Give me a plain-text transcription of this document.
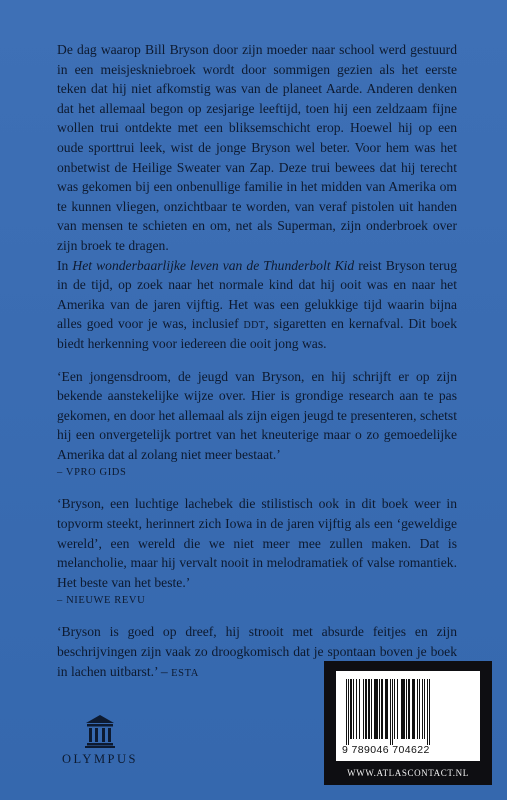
De dag waarop Bill Bryson door zijn moeder naar school werd gestuurd in een meisjeskniebroek wordt door sommigen gezien als het eerste teken dat hij niet afkomstig was van de planeet Aarde. Anderen denken dat het allemaal begon op zesjarige leeftijd, toen hij een zeldzaam fijne wollen trui ontdekte met een bliksemschicht erop. Hoewel hij op een oude sporttrui leek, wist de jonge Bryson wel beter. Voor hem was het onbetwist de Heilige Sweater van Zap. Deze trui bewees dat hij terecht was gekomen bij een onbenullige familie in het midden van Amerika om te kunnen vliegen, onzichtbaar te worden, van veraf pistolen uit handen van mensen te schieten en om, net als Superman, zijn onderbroek over zijn broek te dragen.

In Het wonderbaarlijke leven van de Thunderbolt Kid reist Bryson terug in de tijd, op zoek naar het normale kind dat hij ooit was en naar het Amerika van de jaren vijftig. Het was een gelukkige tijd waarin bijna alles goed voor je was, inclusief ddt, sigaretten en kernafval. Dit boek biedt herkenning voor iedereen die ooit jong was.

‘Een jongensdroom, de jeugd van Bryson, en hij schrijft er op zijn bekende aanstekelijke wijze over. Hier is grondige research aan te pas gekomen, en door het allemaal als zijn eigen jeugd te presenteren, schetst hij een onvergetelijk portret van het kneuterige maar o zo gemoedelijke Amerika dat al zolang niet meer bestaat.’

– VPRO GIDS

‘Bryson, een luchtige lachebek die stilistisch ook in dit boek weer in topvorm steekt, herinnert zich Iowa in de jaren vijftig als een ‘geweldige wereld’, een wereld die we niet meer mee zullen maken. Dat is melancholie, maar hij vervalt nooit in melodramatiek of valse romantiek. Het beste van het beste.’

– NIEUWE REVU

‘Bryson is goed op dreef, hij strooit met absurde feitjes en zijn beschrijvingen zijn vaak zo droogkomisch dat je spontaan boven je boek in lachen uitbarst.’ – ESTA

OLYMPUS
9 789046 704622
WWW.ATLASCONTACT.NL
